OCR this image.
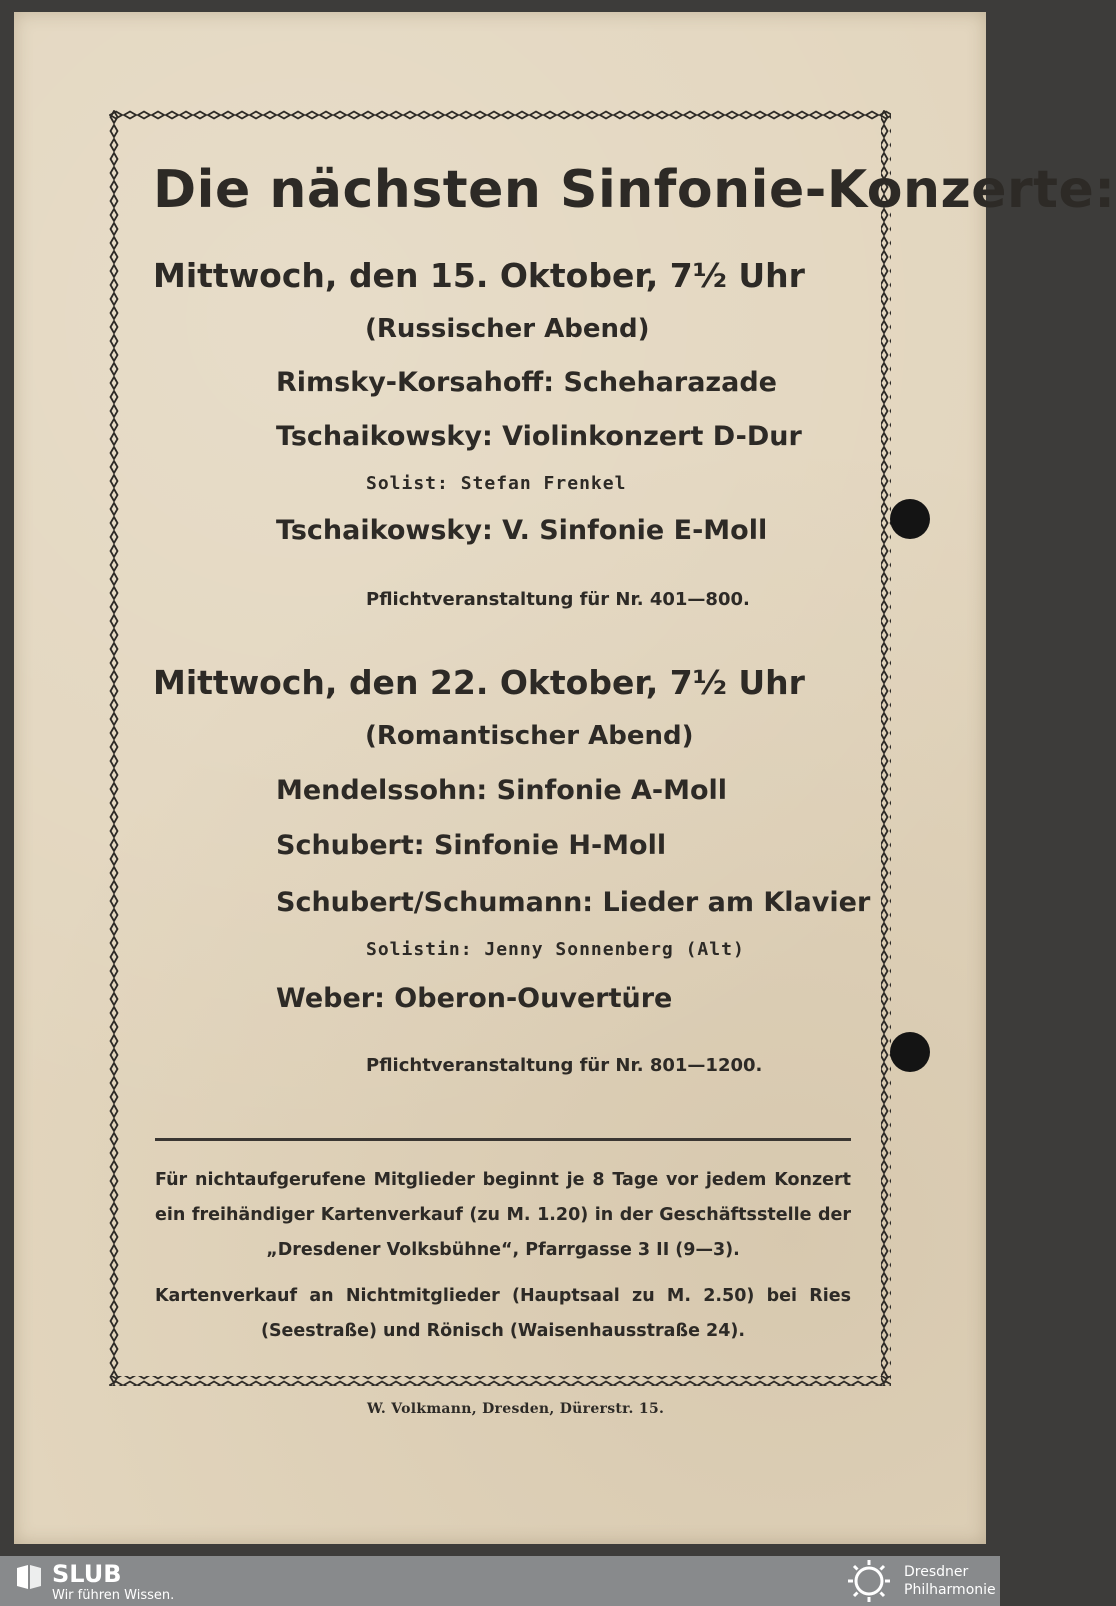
Die nächsten Sinfonie-Konzerte:
Mittwoch, den 15. Oktober, 7½ Uhr
(Russischer Abend)
Rimsky-Korsahoff: Scheharazade
Tschaikowsky: Violinkonzert D-Dur
Solist: Stefan Frenkel
Tschaikowsky: V. Sinfonie E-Moll
Pflichtveranstaltung für Nr. 401—800.
Mittwoch, den 22. Oktober, 7½ Uhr
(Romantischer Abend)
Mendelssohn: Sinfonie A-Moll
Schubert: Sinfonie H-Moll
Schubert/Schumann: Lieder am Klavier
Solistin: Jenny Sonnenberg (Alt)
Weber: Oberon-Ouvertüre
Pflichtveranstaltung für Nr. 801—1200.
Für nichtaufgerufene Mitglieder beginnt je 8 Tage vor jedem Konzert ein freihändiger Kartenverkauf (zu M. 1.20) in der Geschäftsstelle der „Dresdener Volksbühne“, Pfarrgasse 3 II (9—3).
Kartenverkauf an Nichtmitglieder (Hauptsaal zu M. 2.50) bei Ries (Seestraße) und Rönisch (Waisenhausstraße 24).
W. Volkmann, Dresden, Dürerstr. 15.
SLUB
Wir führen Wissen.
Dresdner
Philharmonie
